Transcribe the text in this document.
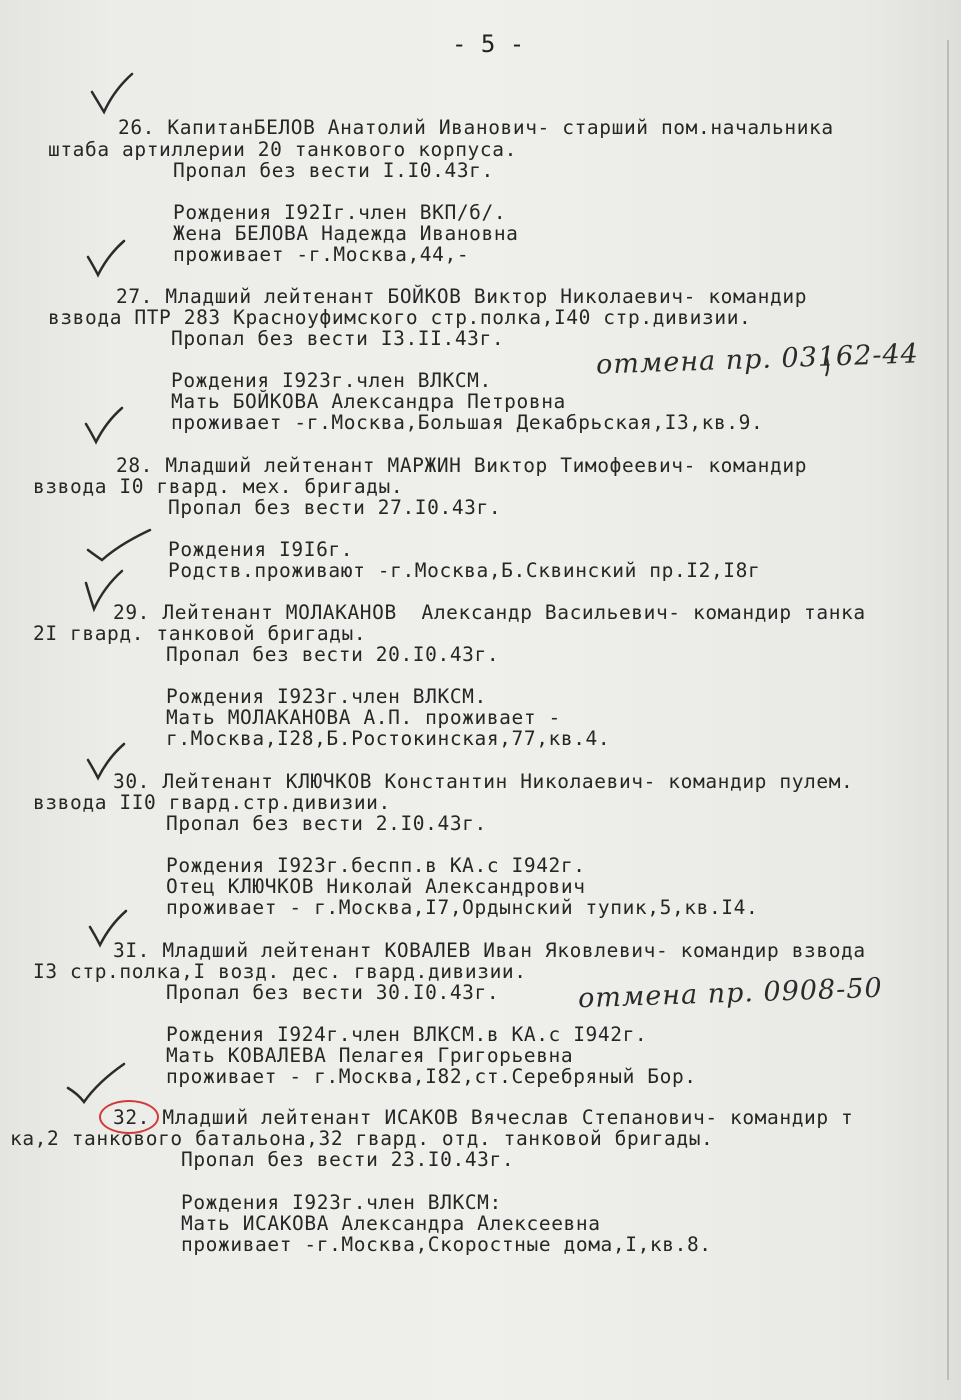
- 5 -
26. КапитанБЕЛОВ Анатолий Иванович- старший пом.начальника
штаба артиллерии 20 танкового корпуса.
Пропал без вести I.I0.43г.
Рождения I92Iг.член ВКП/б/.
Жена БЕЛОВА Надежда Ивановна
проживает -г.Москва,44,-
27. Младший лейтенант БОЙКОВ Виктор Николаевич- командир
взвода ПТР 283 Красноуфимского стр.полка,I40 стр.дивизии.
Пропал без вести I3.II.43г.	отмена пр. 03162-44
Рождения I923г.член ВЛКСМ.
Мать БОЙКОВА Александра Петровна
проживает -г.Москва,Большая Декабрьская,I3,кв.9.
28. Младший лейтенант МАРЖИН Виктор Тимофеевич- командир
взвода I0 гвард. мех. бригады.
Пропал без вести 27.I0.43г.
Рождения I9I6г.
Родств.проживают -г.Москва,Б.Сквинский пр.I2,I8г
29. Лейтенант МОЛАКАНОВ  Александр Васильевич- командир танка
2I гвард. танковой бригады.
Пропал без вести 20.I0.43г.
Рождения I923г.член ВЛКСМ.
Мать МОЛАКАНОВА А.П. проживает -
г.Москва,I28,Б.Ростокинская,77,кв.4.
30. Лейтенант КЛЮЧКОВ Константин Николаевич- командир пулем.
взвода II0 гвард.стр.дивизии.
Пропал без вести 2.I0.43г.
Рождения I923г.беспп.в КА.с I942г.
Отец КЛЮЧКОВ Николай Александрович
проживает - г.Москва,I7,Ордынский тупик,5,кв.I4.
3I. Младший лейтенант КОВАЛЕВ Иван Яковлевич- командир взвода
I3 стр.полка,I возд. дес. гвард.дивизии.
Пропал без вести 30.I0.43г.	отмена пр. 0908-50
Рождения I924г.член ВЛКСМ.в КА.с I942г.
Мать КОВАЛЕВА Пелагея Григорьевна
проживает - г.Москва,I82,ст.Серебряный Бор.
32. Младший лейтенант ИСАКОВ Вячеслав Степанович- командир т
ка,2 танкового батальона,32 гвард. отд. танковой бригады.
Пропал без вести 23.I0.43г.
Рождения I923г.член ВЛКСМ:
Мать ИСАКОВА Александра Алексеевна
проживает -г.Москва,Скоростные дома,I,кв.8.
